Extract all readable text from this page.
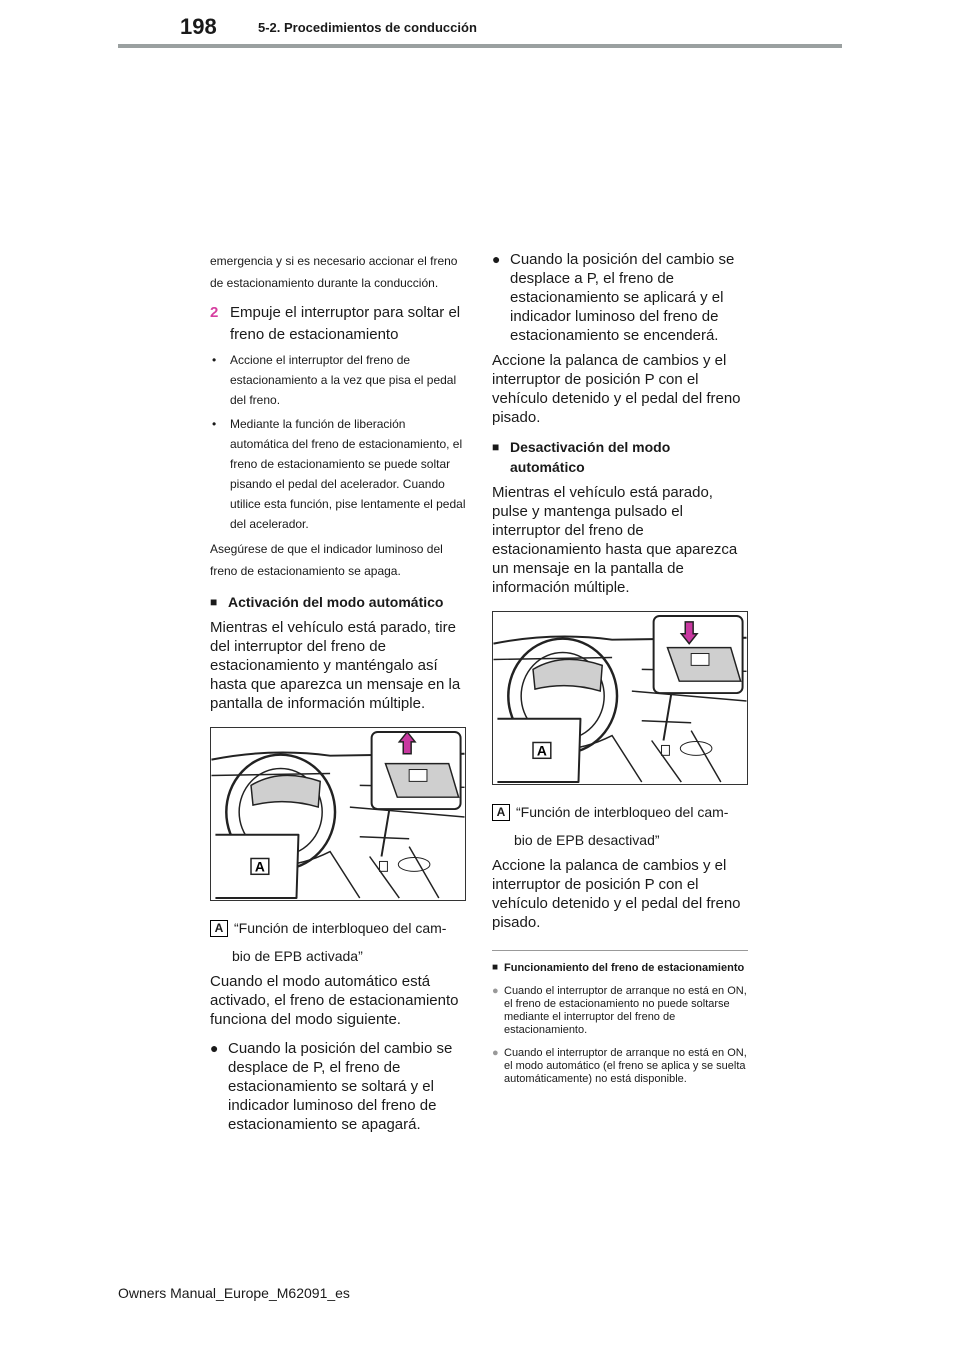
198	5-2. Procedimientos de conducción
emergencia y si es necesario accionar el freno de estacionamiento durante la conducción.
2 Empuje el interruptor para soltar el freno de estacionamiento
•	Accione el interruptor del freno de estacionamiento a la vez que pisa el pedal del freno.
•	Mediante la función de liberación automática del freno de estacionamiento, el freno de estacionamiento se puede soltar pisando el pedal del acelerador. Cuando utilice esta función, pise lentamente el pedal del acelerador.
Asegúrese de que el indicador luminoso del freno de estacionamiento se apaga.
■ Activación del modo automático
Mientras el vehículo está parado, tire del interruptor del freno de estacionamiento y manténgalo así hasta que aparezca un mensaje en la pantalla de información múltiple.
A
A “Función de interbloqueo del cam-
bio de EPB activada”
Cuando el modo automático está activado, el freno de estacionamiento funciona del modo siguiente.
● Cuando la posición del cambio se desplace de P, el freno de estacionamiento se soltará y el indicador luminoso del freno de estacionamiento se apagará.
● Cuando la posición del cambio se desplace a P, el freno de estacionamiento se aplicará y el indicador luminoso del freno de estacionamiento se encenderá.
Accione la palanca de cambios y el interruptor de posición P con el vehículo detenido y el pedal del freno pisado.
■ Desactivación del modo automático
Mientras el vehículo está parado, pulse y mantenga pulsado el interruptor del freno de estacionamiento hasta que aparezca un mensaje en la pantalla de información múltiple.
A
A “Función de interbloqueo del cam-
bio de EPB desactivad”
Accione la palanca de cambios y el interruptor de posición P con el vehículo detenido y el pedal del freno pisado.
■ Funcionamiento del freno de estacionamiento
● Cuando el interruptor de arranque no está en ON, el freno de estacionamiento no puede soltarse mediante el interruptor del freno de estacionamiento.
● Cuando el interruptor de arranque no está en ON, el modo automático (el freno se aplica y se suelta automáticamente) no está disponible.
Owners Manual_Europe_M62091_es
